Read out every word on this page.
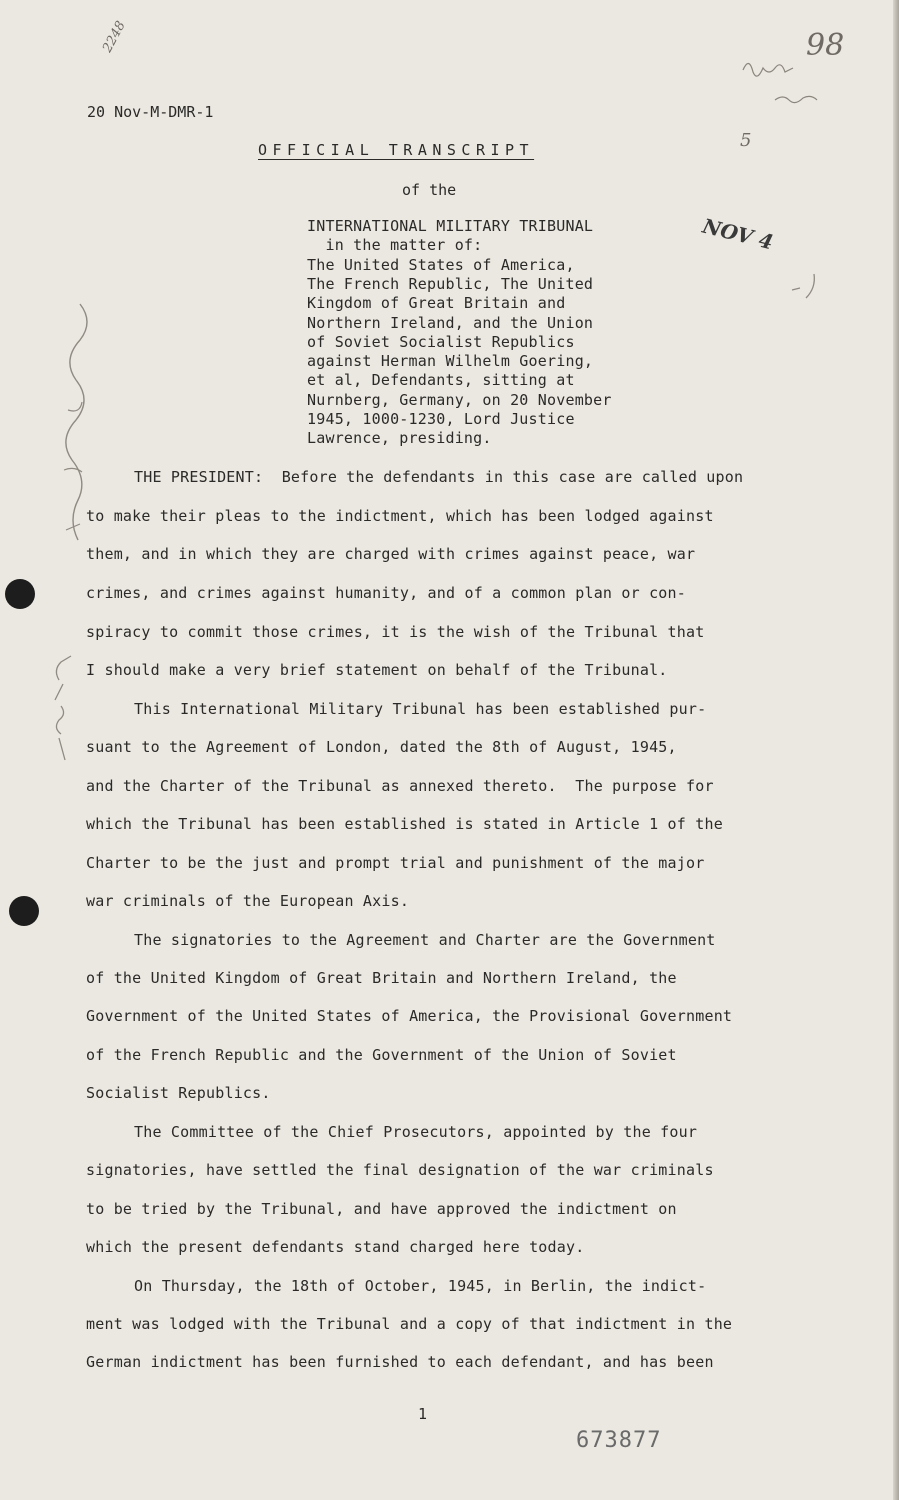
2248	98
5
NOV 4
20 Nov-M-DMR-1
OFFICIAL TRANSCRIPT
of the
INTERNATIONAL MILITARY TRIBUNAL
in the matter of:
The United States of America,
The French Republic, The United
Kingdom of Great Britain and
Northern Ireland, and the Union
of Soviet Socialist Republics
against Herman Wilhelm Goering,
et al, Defendants, sitting at
Nurnberg, Germany, on 20 November
1945, 1000-1230, Lord Justice
Lawrence, presiding.
THE PRESIDENT:  Before the defendants in this case are called upon
to make their pleas to the indictment, which has been lodged against
them, and in which they are charged with crimes against peace, war
crimes, and crimes against humanity, and of a common plan or con-
spiracy to commit those crimes, it is the wish of the Tribunal that
I should make a very brief statement on behalf of the Tribunal.
This International Military Tribunal has been established pur-
suant to the Agreement of London, dated the 8th of August, 1945,
and the Charter of the Tribunal as annexed thereto.  The purpose for
which the Tribunal has been established is stated in Article 1 of the
Charter to be the just and prompt trial and punishment of the major
war criminals of the European Axis.
The signatories to the Agreement and Charter are the Government
of the United Kingdom of Great Britain and Northern Ireland, the
Government of the United States of America, the Provisional Government
of the French Republic and the Government of the Union of Soviet
Socialist Republics.
The Committee of the Chief Prosecutors, appointed by the four
signatories, have settled the final designation of the war criminals
to be tried by the Tribunal, and have approved the indictment on
which the present defendants stand charged here today.
On Thursday, the 18th of October, 1945, in Berlin, the indict-
ment was lodged with the Tribunal and a copy of that indictment in the
German indictment has been furnished to each defendant, and has been
1
673877
